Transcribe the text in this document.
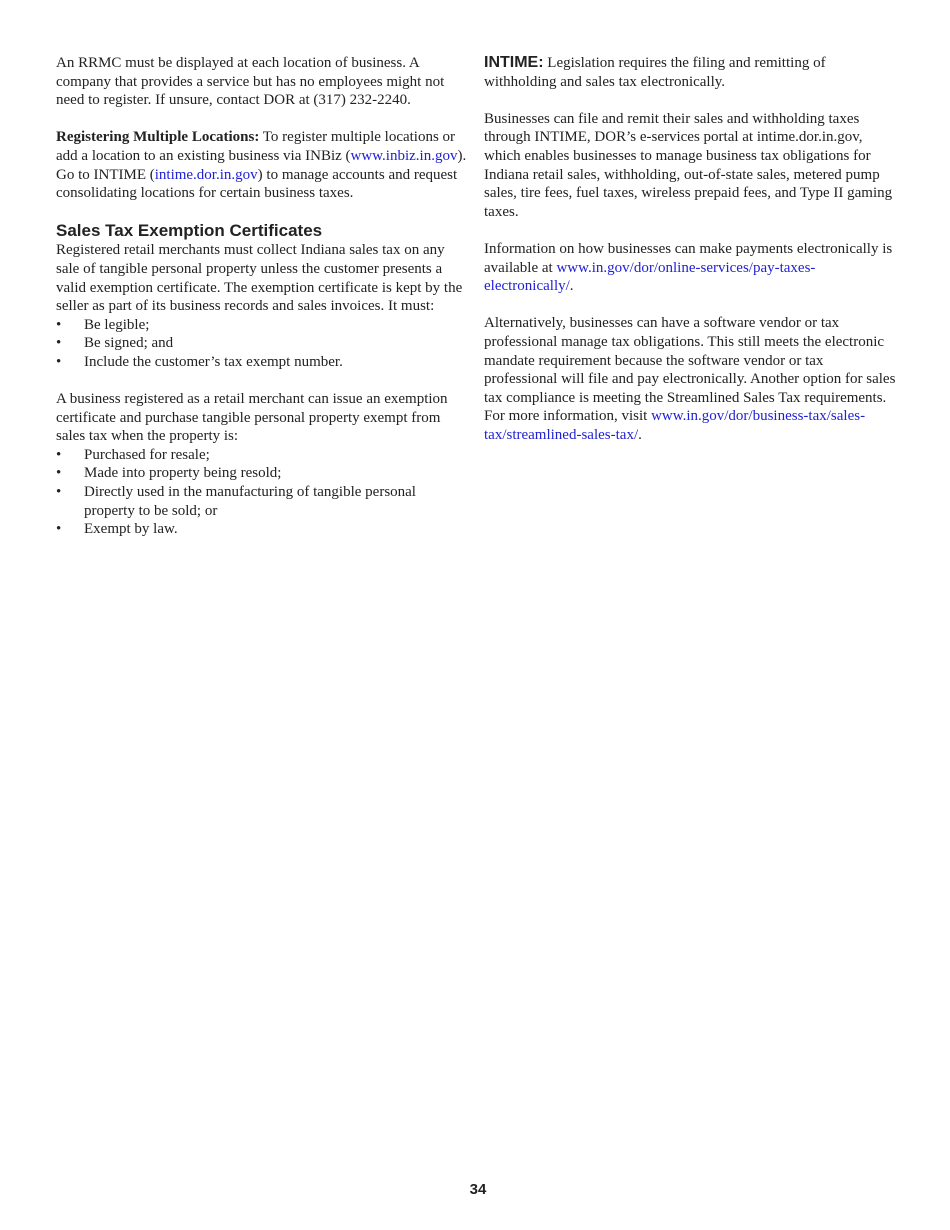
An RRMC must be displayed at each location of business. A company that provides a service but has no employees might not need to register. If unsure, contact DOR at (317) 232-2240.

Registering Multiple Locations: To register multiple locations or add a location to an existing business via INBiz (www.inbiz.in.gov). Go to INTIME (intime.dor.in.gov) to manage accounts and request consolidating locations for certain business taxes.

Sales Tax Exemption Certificates

Registered retail merchants must collect Indiana sales tax on any sale of tangible personal property unless the customer presents a valid exemption certificate. The exemption certificate is kept by the seller as part of its business records and sales invoices. It must:

• Be legible;
• Be signed; and
• Include the customer’s tax exempt number.

A business registered as a retail merchant can issue an exemption certificate and purchase tangible personal property exempt from sales tax when the property is:

• Purchased for resale;
• Made into property being resold;
• Directly used in the manufacturing of tangible personal property to be sold; or
• Exempt by law.

INTIME: Legislation requires the filing and remitting of withholding and sales tax electronically.

Businesses can file and remit their sales and withholding taxes through INTIME, DOR’s e-services portal at intime.dor.in.gov, which enables businesses to manage business tax obligations for Indiana retail sales, withholding, out-of-state sales, metered pump sales, tire fees, fuel taxes, wireless prepaid fees, and Type II gaming taxes.

Information on how businesses can make payments electronically is available at www.in.gov/dor/online-services/pay-taxes-electronically/.

Alternatively, businesses can have a software vendor or tax professional manage tax obligations. This still meets the electronic mandate requirement because the software vendor or tax professional will file and pay electronically. Another option for sales tax compliance is meeting the Streamlined Sales Tax requirements. For more information, visit www.in.gov/dor/business-tax/sales-tax/streamlined-sales-tax/.

34
